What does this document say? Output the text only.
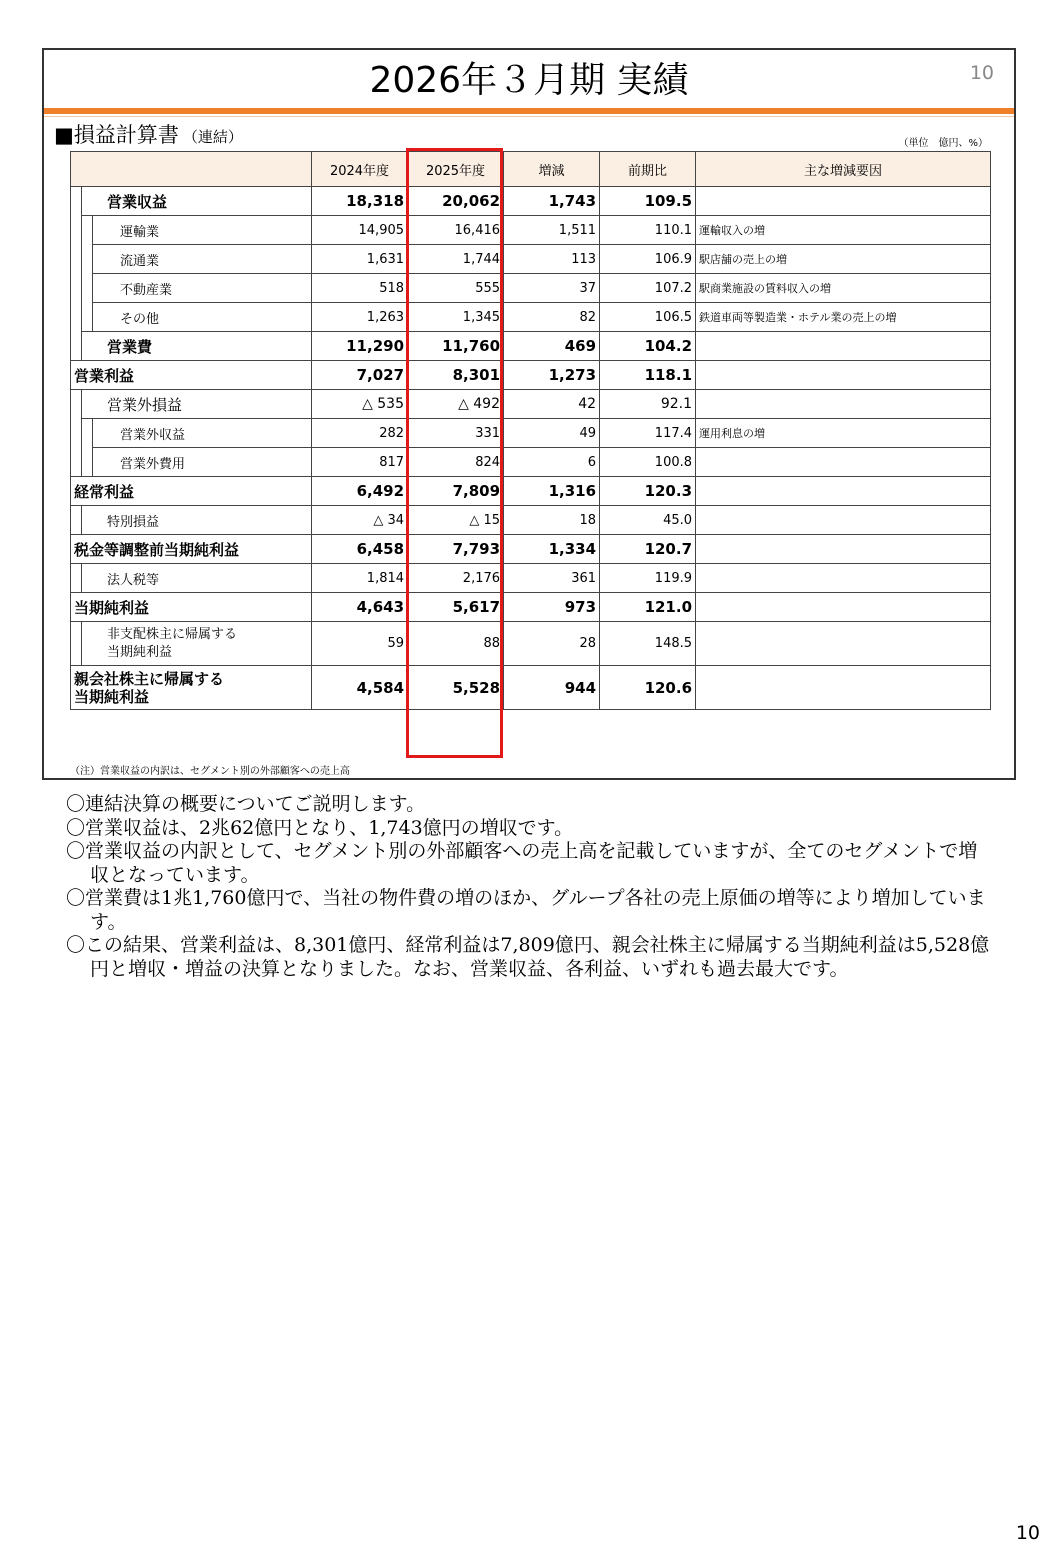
2026年３月期 実績	10
■損益計算書 （連結）	（単位　億円、%）
			2024年度	2025年度	増減	前期比	主な増減要因
	営業収益		18,318	20,062	1,743	109.5	
		運輸業	14,905	16,416	1,511	110.1	運輸収入の増
		流通業	1,631	1,744	113	106.9	駅店舗の売上の増
		不動産業	518	555	37	107.2	駅商業施設の賃料収入の増
		その他	1,263	1,345	82	106.5	鉄道車両等製造業・ホテル業の売上の増
	営業費		11,290	11,760	469	104.2	
営業利益			7,027	8,301	1,273	118.1	
	営業外損益		△ 535	△ 492	42	92.1	
		営業外収益	282	331	49	117.4	運用利息の増
		営業外費用	817	824	6	100.8	
経常利益			6,492	7,809	1,316	120.3	
	特別損益		△ 34	△ 15	18	45.0	
税金等調整前当期純利益			6,458	7,793	1,334	120.7	
	法人税等		1,814	2,176	361	119.9	
当期純利益			4,643	5,617	973	121.0	
	非支配株主に帰属する
当期純利益		59	88	28	148.5	
親会社株主に帰属する
当期純利益			4,584	5,528	944	120.6	
（注）営業収益の内訳は、セグメント別の外部顧客への売上高

〇連結決算の概要についてご説明します。

〇営業収益は、2兆62億円となり、1,743億円の増収です。

〇営業収益の内訳として、セグメント別の外部顧客への売上高を記載していますが、全てのセグメントで増収となっています。

〇営業費は1兆1,760億円で、当社の物件費の増のほか、グループ各社の売上原価の増等により増加しています。

〇この結果、営業利益は、8,301億円、経常利益は7,809億円、親会社株主に帰属する当期純利益は5,528億円と増収・増益の決算となりました。なお、営業収益、各利益、いずれも過去最大です。

10
